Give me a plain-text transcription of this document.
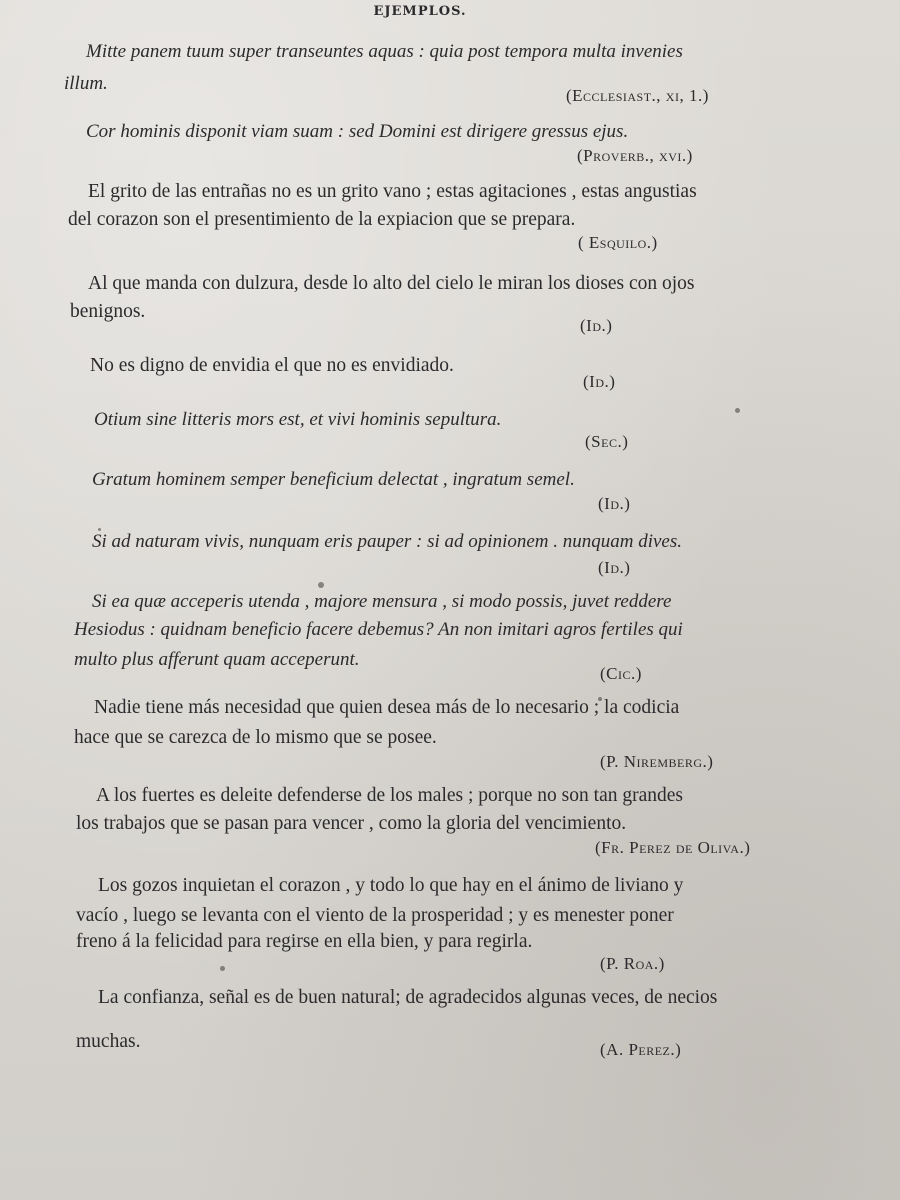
EJEMPLOS.
Mitte panem tuum super transeuntes aquas : quia post tempora multa invenies
illum.
(Ecclesiast., xi, 1.)
Cor hominis disponit viam suam : sed Domini est dirigere gressus ejus.
(Proverb., xvi.)
El grito de las entrañas no es un grito vano ; estas agitaciones , estas angustias
del corazon son el presentimiento de la expiacion que se prepara.
( Esquilo.)
Al que manda con dulzura, desde lo alto del cielo le miran los dioses con ojos
benignos.
(Id.)
No es digno de envidia el que no es envidiado.
(Id.)
Otium sine litteris mors est, et vivi hominis sepultura.
(Sec.)
Gratum hominem semper beneficium delectat , ingratum semel.
(Id.)
Si ad naturam vivis, nunquam eris pauper : si ad opinionem . nunquam dives.
(Id.)
Si ea quæ acceperis utenda , majore mensura , si modo possis, juvet reddere
Hesiodus : quidnam beneficio facere debemus? An non imitari agros fertiles qui
multo plus afferunt quam acceperunt.
(Cic.)
Nadie tiene más necesidad que quien desea más de lo necesario ; la codicia
hace que se carezca de lo mismo que se posee.
(P. Niremberg.)
A los fuertes es deleite defenderse de los males ; porque no son tan grandes
los trabajos que se pasan para vencer , como la gloria del vencimiento.
(Fr. Perez de Oliva.)
Los gozos inquietan el corazon , y todo lo que hay en el ánimo de liviano y
vacío , luego se levanta con el viento de la prosperidad ; y es menester poner
freno á la felicidad para regirse en ella bien, y para regirla.
(P. Roa.)
La confianza, señal es de buen natural; de agradecidos algunas veces, de necios
muchas.	(A. Perez.)
